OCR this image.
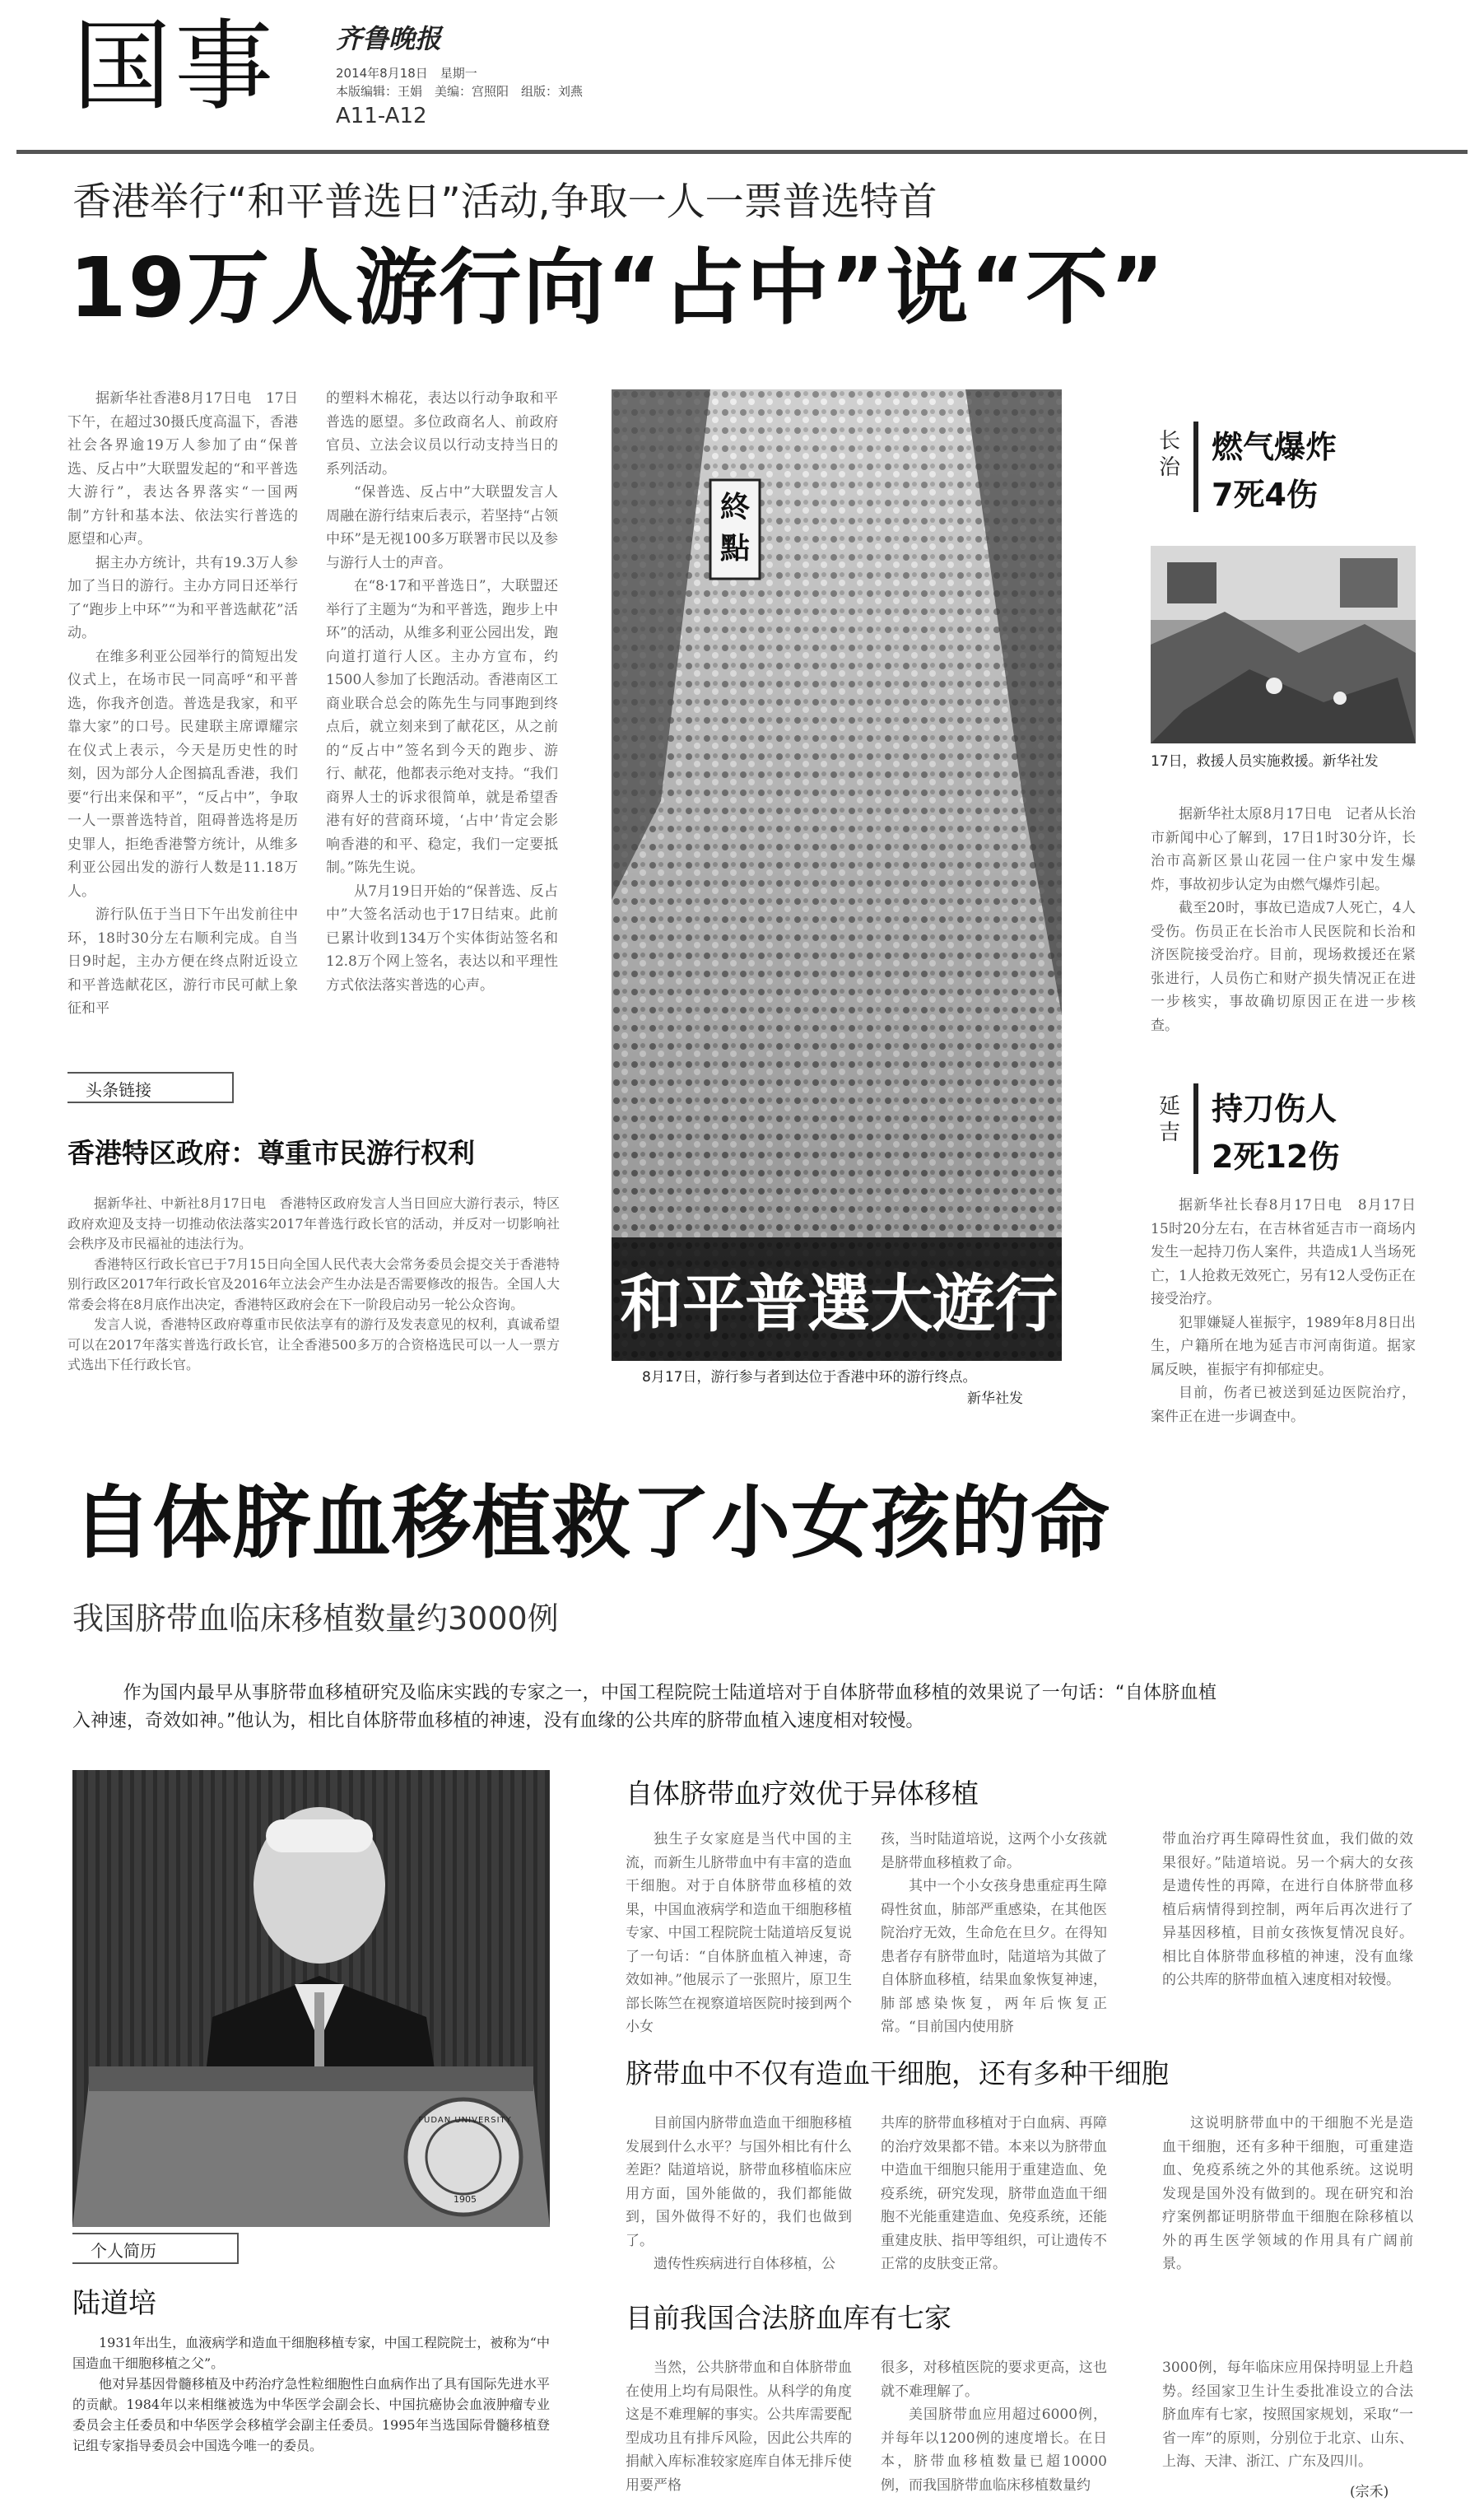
国事 齐鲁晚报
2014年8月18日　星期一
本版编辑：王娟　美编：宫照阳　组版：刘燕
A11-A12
香港举行“和平普选日”活动,争取一人一票普选特首
19万人游行向“占中”说“不”

据新华社香港8月17日电　17日下午，在超过30摄氏度高温下，香港社会各界逾19万人参加了由“保普选、反占中”大联盟发起的“和平普选大游行”，表达各界落实“一国两制”方针和基本法、依法实行普选的愿望和心声。

据主办方统计，共有19.3万人参加了当日的游行。主办方同日还举行了“跑步上中环”“为和平普选献花”活动。

在维多利亚公园举行的简短出发仪式上，在场市民一同高呼“和平普选，你我齐创造。普选是我家，和平靠大家”的口号。民建联主席谭耀宗在仪式上表示，今天是历史性的时刻，因为部分人企图搞乱香港，我们要“行出来保和平”，“反占中”，争取一人一票普选特首，阻碍普选将是历史罪人，拒绝香港警方统计，从维多利亚公园出发的游行人数是11.18万人。

游行队伍于当日下午出发前往中环，18时30分左右顺利完成。自当日9时起，主办方便在终点附近设立和平普选献花区，游行市民可献上象征和平

的塑料木棉花，表达以行动争取和平普选的愿望。多位政商名人、前政府官员、立法会议员以行动支持当日的系列活动。

“保普选、反占中”大联盟发言人周融在游行结束后表示，若坚持“占领中环”是无视100多万联署市民以及参与游行人士的声音。

在“8·17和平普选日”，大联盟还举行了主题为“为和平普选，跑步上中环”的活动，从维多利亚公园出发，跑向道打道行人区。主办方宣布，约1500人参加了长跑活动。香港南区工商业联合总会的陈先生与同事跑到终点后，就立刻来到了献花区，从之前的“反占中”签名到今天的跑步、游行、献花，他都表示绝对支持。“我们商界人士的诉求很简单，就是希望香港有好的营商环境，‘占中’肯定会影响香港的和平、稳定，我们一定要抵制。”陈先生说。

从7月19日开始的“保普选、反占中”大签名活动也于17日结束。此前已累计收到134万个实体街站签名和12.8万个网上签名，表达以和平理性方式依法落实普选的心声。

終點
和平普選大遊行
8月17日，游行参与者到达位于香港中环的游行终点。
新华社发
头条链接
香港特区政府：尊重市民游行权利

据新华社、中新社8月17日电　香港特区政府发言人当日回应大游行表示，特区政府欢迎及支持一切推动依法落实2017年普选行政长官的活动，并反对一切影响社会秩序及市民福祉的违法行为。

香港特区行政长官已于7月15日向全国人民代表大会常务委员会提交关于香港特别行政区2017年行政长官及2016年立法会产生办法是否需要修改的报告。全国人大常委会将在8月底作出决定，香港特区政府会在下一阶段启动另一轮公众咨询。

发言人说，香港特区政府尊重市民依法享有的游行及发表意见的权利，真诚希望可以在2017年落实普选行政长官，让全香港500多万的合资格选民可以一人一票方式选出下任行政长官。

长治
燃气爆炸
7死4伤
17日，救援人员实施救援。新华社发

据新华社太原8月17日电　记者从长治市新闻中心了解到，17日1时30分许，长治市高新区景山花园一住户家中发生爆炸，事故初步认定为由燃气爆炸引起。

截至20时，事故已造成7人死亡，4人受伤。伤员正在长治市人民医院和长治和济医院接受治疗。目前，现场救援还在紧张进行，人员伤亡和财产损失情况正在进一步核实，事故确切原因正在进一步核查。

延吉
持刀伤人
2死12伤

据新华社长春8月17日电　8月17日15时20分左右，在吉林省延吉市一商场内发生一起持刀伤人案件，共造成1人当场死亡，1人抢救无效死亡，另有12人受伤正在接受治疗。

犯罪嫌疑人崔振宇，1989年8月8日出生，户籍所在地为延吉市河南街道。据家属反映，崔振宇有抑郁症史。

目前，伤者已被送到延边医院治疗，案件正在进一步调查中。

自体脐血移植救了小女孩的命
我国脐带血临床移植数量约3000例
作为国内最早从事脐带血移植研究及临床实践的专家之一，中国工程院院士陆道培对于自体脐带血移植的效果说了一句话：“自体脐血植入神速，奇效如神。”他认为，相比自体脐带血移植的神速，没有血缘的公共库的脐带血植入速度相对较慢。
FUDAN UNIVERSITY
1905
个人简历
陆道培

1931年出生，血液病学和造血干细胞移植专家，中国工程院院士，被称为“中国造血干细胞移植之父”。

他对异基因骨髓移植及中药治疗急性粒细胞性白血病作出了具有国际先进水平的贡献。1984年以来相继被选为中华医学会副会长、中国抗癌协会血液肿瘤专业委员会主任委员和中华医学会移植学会副主任委员。1995年当选国际骨髓移植登记组专家指导委员会中国选今唯一的委员。

自体脐带血疗效优于异体移植

独生子女家庭是当代中国的主流，而新生儿脐带血中有丰富的造血干细胞。对于自体脐带血移植的效果，中国血液病学和造血干细胞移植专家、中国工程院院士陆道培反复说了一句话：“自体脐血植入神速，奇效如神。”他展示了一张照片，原卫生部长陈竺在视察道培医院时接到两个小女

孩，当时陆道培说，这两个小女孩就是脐带血移植救了命。

其中一个小女孩身患重症再生障碍性贫血，肺部严重感染，在其他医院治疗无效，生命危在旦夕。在得知患者存有脐带血时，陆道培为其做了自体脐血移植，结果血象恢复神速，肺部感染恢复，两年后恢复正常。“目前国内使用脐

带血治疗再生障碍性贫血，我们做的效果很好。”陆道培说。另一个病大的女孩是遗传性的再障，在进行自体脐带血移植后病情得到控制，两年后再次进行了异基因移植，目前女孩恢复情况良好。相比自体脐带血移植的神速，没有血缘的公共库的脐带血植入速度相对较慢。

脐带血中不仅有造血干细胞，还有多种干细胞

目前国内脐带血造血干细胞移植发展到什么水平？与国外相比有什么差距？陆道培说，脐带血移植临床应用方面，国外能做的，我们都能做到，国外做得不好的，我们也做到了。

遗传性疾病进行自体移植，公

共库的脐带血移植对于白血病、再障的治疗效果都不错。本来以为脐带血中造血干细胞只能用于重建造血、免疫系统，研究发现，脐带血造血干细胞不光能重建造血、免疫系统，还能重建皮肤、指甲等组织，可让遗传不正常的皮肤变正常。

这说明脐带血中的干细胞不光是造血干细胞，还有多种干细胞，可重建造血、免疫系统之外的其他系统。这说明发现是国外没有做到的。现在研究和治疗案例都证明脐带血干细胞在除移植以外的再生医学领域的作用具有广阔前景。

目前我国合法脐血库有七家

当然，公共脐带血和自体脐带血在使用上均有局限性。从科学的角度这是不难理解的事实。公共库需要配型成功且有排斥风险，因此公共库的捐献入库标准较家庭库自体无排斥使用要严格

很多，对移植医院的要求更高，这也就不难理解了。

美国脐带血应用超过6000例，并每年以1200例的速度增长。在日本，脐带血移植数量已超10000例，而我国脐带血临床移植数量约

3000例，每年临床应用保持明显上升趋势。经国家卫生计生委批准设立的合法脐血库有七家，按照国家规划，采取“一省一库”的原则，分别位于北京、山东、上海、天津、浙江、广东及四川。

(宗禾)
